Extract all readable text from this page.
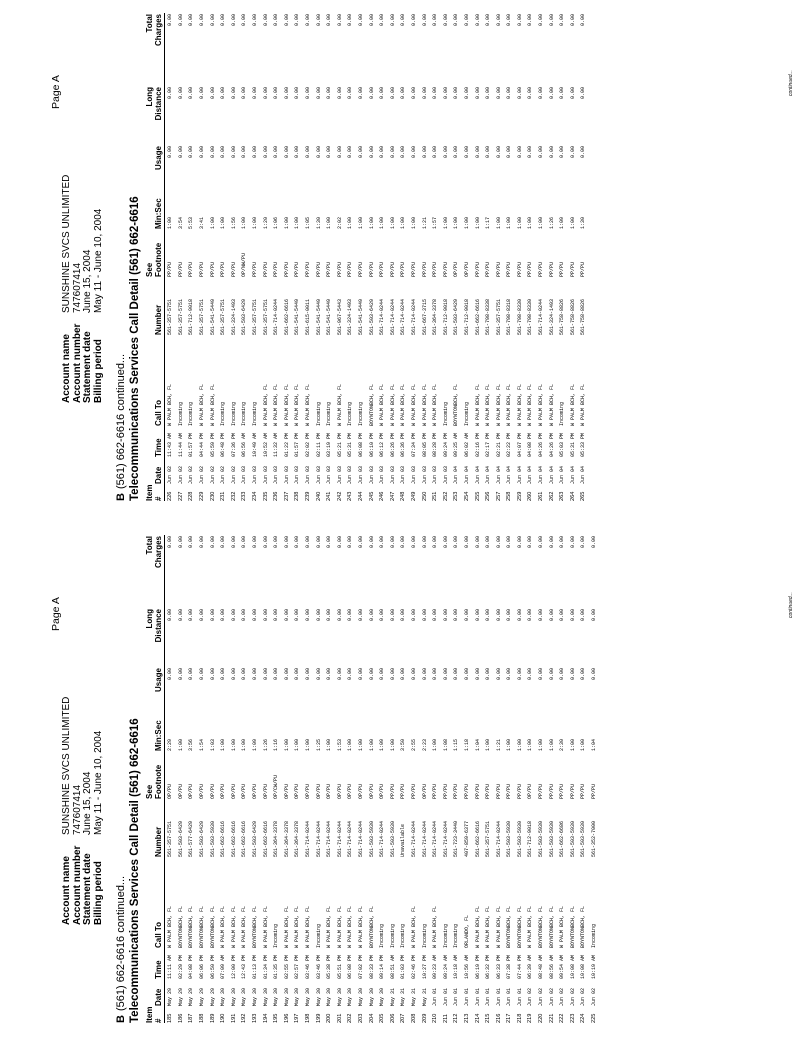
Page A
Account name
SUNSHINE SVCS UNLIMITED
Account number
747607414
Statement date
June 15, 2004
Billing period
May 11 - June 10, 2004
B(561) 662-6616 continued... Telecommunications Services Call Detail (561) 662-6616 Item #	Date	Time	Call To	Number	See
Footnote	Min:Sec	Usage	Long
Distance	Total
Charges
185	May 29	11:11 AM	W PALM BCH, FL	561-357-5751	OP/PU	2:29	0.00	0.00	0.00
186	May 29	02:29 PM	BOYNTONBCH, FL	561-503-6429	OP/PU	1:00	0.00	0.00	0.00
187	May 29	04:08 PM	BOYNTONBCH, FL	561-577-6429	OP/PU	3:56	0.00	0.00	0.00
188	May 29	06:06 PM	BOYNTONBCH, FL	561-503-6429	OP/PU	1:54	0.00	0.00	0.00
189	May 29	06:50 PM	BOYNTONBCH, FL	561-503-5930	OP/PU	1:03	0.00	0.00	0.00
190	May 30	07:09 AM	W PALM BCH, FL	561-662-6616	OP/PU	1:00	0.00	0.00	0.00
191	May 30	12:00 PM	W PALM BCH, FL	561-662-6616	OP/PU	1:00	0.00	0.00	0.00
192	May 30	12:43 PM	W PALM BCH, FL	561-662-6616	OP/PU	1:00	0.00	0.00	0.00
193	May 30	01:13 PM	BOYNTONBCH, FL	561-503-6429	OP/PU	1:09	0.00	0.00	0.00
194	May 30	01:34 PM	W PALM BCH, FL	561-662-6616	OP/PU	1:26	0.00	0.00	0.00
195	May 30	01:35 PM	Incoming	561-364-3378	OP/CW/PU	1:16	0.00	0.00	0.00
196	May 30	02:55 PM	W PALM BCH, FL	561-364-3378	OP/PU	1:00	0.00	0.00	0.00
197	May 30	02:57 PM	W PALM BCH, FL	561-364-3378	OP/PU	1:00	0.00	0.00	0.00
198	May 30	03:46 PM	W PALM BCH, FL	561-714-0244	OP/PU	1:00	0.00	0.00	0.00
199	May 30	03:46 PM	Incoming	561-714-0244	OP/PU	1:25	0.00	0.00	0.00
200	May 30	05:38 PM	W PALM BCH, FL	561-714-0244	OP/PU	1:00	0.00	0.00	0.00
201	May 30	05:51 PM	W PALM BCH, FL	561-714-0244	OP/PU	1:53	0.00	0.00	0.00
202	May 30	06:08 PM	W PALM BCH, FL	561-714-0244	OP/PU	1:00	0.00	0.00	0.00
203	May 30	07:02 PM	W PALM BCH, FL	561-714-0244	OP/PU	1:00	0.00	0.00	0.00
204	May 30	08:33 PM	BOYNTONBCH, FL	561-503-5930	OP/PU	1:00	0.00	0.00	0.00
205	May 30	09:14 PM	Incoming	561-714-0244	OP/PU	1:09	0.00	0.00	0.00
206	May 31	08:51 AM	Incoming	561-503-5930	PP/PU	1:00	0.00	0.00	0.00
207	May 31	01:03 PM	Incoming	Unavailable	PP/PU	3:50	0.00	0.00	0.00
208	May 31	02:46 PM	W PALM BCH, FL	561-714-0244	PP/PU	2:55	0.00	0.00	0.00
209	May 31	10:27 PM	Incoming	561-714-0244	OP/PU	2:23	0.00	0.00	0.00
210	Jun 01	09:23 AM	W PALM BCH, FL	561-714-0244	PP/PU	1:00	0.00	0.00	0.00
211	Jun 01	09:24 AM	Incoming	561-714-0244	PP/PU	1:08	0.00	0.00	0.00
212	Jun 01	10:18 AM	Incoming	561-723-3440	PP/PU	1:15	0.00	0.00	0.00
213	Jun 01	10:56 AM	ORLANDO, FL	407-859-6377	PP/PU	1:18	0.00	0.00	0.00
214	Jun 01	06:19 PM	W PALM BCH, FL	561-662-6616	PP/PU	1:04	0.00	0.00	0.00
215	Jun 01	06:32 PM	W PALM BCH, FL	561-357-5751	PP/PU	1:00	0.00	0.00	0.00
216	Jun 01	06:33 PM	W PALM BCH, FL	561-714-0244	PP/PU	1:21	0.00	0.00	0.00
217	Jun 01	07:38 PM	BOYNTONBCH, FL	561-503-5930	PP/PU	1:00	0.00	0.00	0.00
218	Jun 01	07:44 PM	BOYNTONBCH, FL	561-503-5930	PP/PU	1:00	0.00	0.00	0.00
219	Jun 02	06:39 AM	W PALM BCH, FL	561-712-9018	OP/PU	1:00	0.00	0.00	0.00
220	Jun 02	08:48 AM	BOYNTONBCH, FL	561-503-5930	PP/PU	1:00	0.00	0.00	0.00
221	Jun 02	08:56 AM	BOYNTONBCH, FL	561-503-5930	PP/PU	1:00	0.00	0.00	0.00
222	Jun 02	09:54 AM	W PALM BCH, FL	561-662-6686	PP/PU	2:30	0.00	0.00	0.00
223	Jun 02	10:08 AM	BOYNTONBCH, FL	561-503-5930	PP/PU	1:00	0.00	0.00	0.00
224	Jun 02	10:08 AM	BOYNTONBCH, FL	561-503-5930	PP/PU	1:00	0.00	0.00	0.00
225	Jun 02	10:19 AM	Incoming	561-352-7000	PP/PU	1:04	0.00	0.00	0.00
continued...
Page A
Account name
SUNSHINE SVCS UNLIMITED
Account number
747607414
Statement date
June 15, 2004
Billing period
May 11 - June 10, 2004
B(561) 662-6616 continued... Telecommunications Services Call Detail (561) 662-6616 Item #	Date	Time	Call To	Number	See
Footnote	Min:Sec	Usage	Long
Distance	Total
Charges
226	Jun 02	11:43 AM	W PALM BCH, FL	561-357-5751	PP/PU	1:00	0.00	0.00	0.00
227	Jun 02	11:44 AM	Incoming	561-357-5751	PP/PU	3:54	0.00	0.00	0.00
228	Jun 02	01:57 PM	Incoming	561-712-9018	PP/PU	5:53	0.00	0.00	0.00
229	Jun 02	04:44 PM	W PALM BCH, FL	561-357-5751	PP/PU	3:41	0.00	0.00	0.00
230	Jun 02	05:59 PM	W PALM BCH, FL	561-541-5449	PP/PU	1:00	0.00	0.00	0.00
231	Jun 02	06:48 PM	Incoming	561-357-5751	PP/PU	1:00	0.00	0.00	0.00
232	Jun 02	07:36 PM	Incoming	561-324-1493	PP/PU	1:56	0.00	0.00	0.00
233	Jun 03	06:56 AM	Incoming	561-503-6429	OP/NW/PU	1:00	0.00	0.00	0.00
234	Jun 03	10:49 AM	Incoming	561-357-5751	PP/PU	1:00	0.00	0.00	0.00
235	Jun 03	10:52 AM	W PALM BCH, FL	561-357-5751	PP/PU	1:20	0.00	0.00	0.00
236	Jun 03	11:32 AM	W PALM BCH, FL	561-714-0244	PP/PU	1:06	0.00	0.00	0.00
237	Jun 03	01:22 PM	W PALM BCH, FL	561-662-6616	PP/PU	1:00	0.00	0.00	0.00
238	Jun 03	01:57 PM	W PALM BCH, FL	561-541-5449	PP/PU	1:00	0.00	0.00	0.00
239	Jun 03	02:02 PM	W PALM BCH, FL	561-615-0011	PP/PU	1:05	0.00	0.00	0.00
240	Jun 03	02:11 PM	Incoming	561-541-5449	PP/PU	1:30	0.00	0.00	0.00
241	Jun 03	03:19 PM	Incoming	561-541-5449	PP/PU	1:00	0.00	0.00	0.00
242	Jun 03	05:21 PM	W PALM BCH, FL	561-967-5443	PP/PU	2:02	0.00	0.00	0.00
243	Jun 03	05:31 PM	Incoming	561-324-1493	PP/PU	1:00	0.00	0.00	0.00
244	Jun 03	06:08 PM	Incoming	561-541-5449	PP/PU	1:00	0.00	0.00	0.00
245	Jun 03	06:10 PM	BOYNTONBCH, FL	561-503-6429	PP/PU	1:00	0.00	0.00	0.00
246	Jun 03	06:12 PM	W PALM BCH, FL	561-714-0244	PP/PU	1:00	0.00	0.00	0.00
247	Jun 03	06:26 PM	W PALM BCH, FL	561-714-0244	PP/PU	1:00	0.00	0.00	0.00
248	Jun 03	06:36 PM	W PALM BCH, FL	561-714-0244	PP/PU	1:00	0.00	0.00	0.00
249	Jun 03	07:34 PM	W PALM BCH, FL	561-714-0244	PP/PU	1:00	0.00	0.00	0.00
250	Jun 03	08:05 PM	W PALM BCH, FL	561-667-3715	PP/PU	1:21	0.00	0.00	0.00
251	Jun 03	08:28 PM	W PALM BCH, FL	561-364-3378	PP/PU	1:57	0.00	0.00	0.00
252	Jun 03	09:24 PM	Incoming	561-712-9018	PP/PU	1:00	0.00	0.00	0.00
253	Jun 04	09:25 AM	BOYNTONBCH, FL	561-503-6429	OP/PU	1:00	0.00	0.00	0.00
254	Jun 04	06:02 AM	Incoming	561-712-9018	OP/PU	1:00	0.00	0.00	0.00
255	Jun 04	02:16 PM	W PALM BCH, FL	561-662-6616	PP/PU	1:00	0.00	0.00	0.00
256	Jun 04	02:17 PM	W PALM BCH, FL	561-798-8338	PP/PU	1:17	0.00	0.00	0.00
257	Jun 04	02:21 PM	W PALM BCH, FL	561-357-5751	PP/PU	1:00	0.00	0.00	0.00
258	Jun 04	02:22 PM	W PALM BCH, FL	561-798-8318	PP/PU	1:00	0.00	0.00	0.00
259	Jun 04	04:07 PM	W PALM BCH, FL	561-798-8330	PP/PU	1:00	0.00	0.00	0.00
260	Jun 04	04:08 PM	W PALM BCH, FL	561-798-8330	PP/PU	1:00	0.00	0.00	0.00
261	Jun 04	04:26 PM	W PALM BCH, FL	561-714-0244	PP/PU	1:00	0.00	0.00	0.00
262	Jun 04	04:26 PM	W PALM BCH, FL	561-324-1493	PP/PU	1:26	0.00	0.00	0.00
263	Jun 04	05:03 PM	Incoming	561-758-8826	PP/PU	1:09	0.00	0.00	0.00
264	Jun 04	05:31 PM	W PALM BCH, FL	561-758-8826	PP/PU	1:00	0.00	0.00	0.00
265	Jun 04	05:33 PM	W PALM BCH, FL	561-758-8826	PP/PU	1:30	0.00	0.00	0.00
continued...
